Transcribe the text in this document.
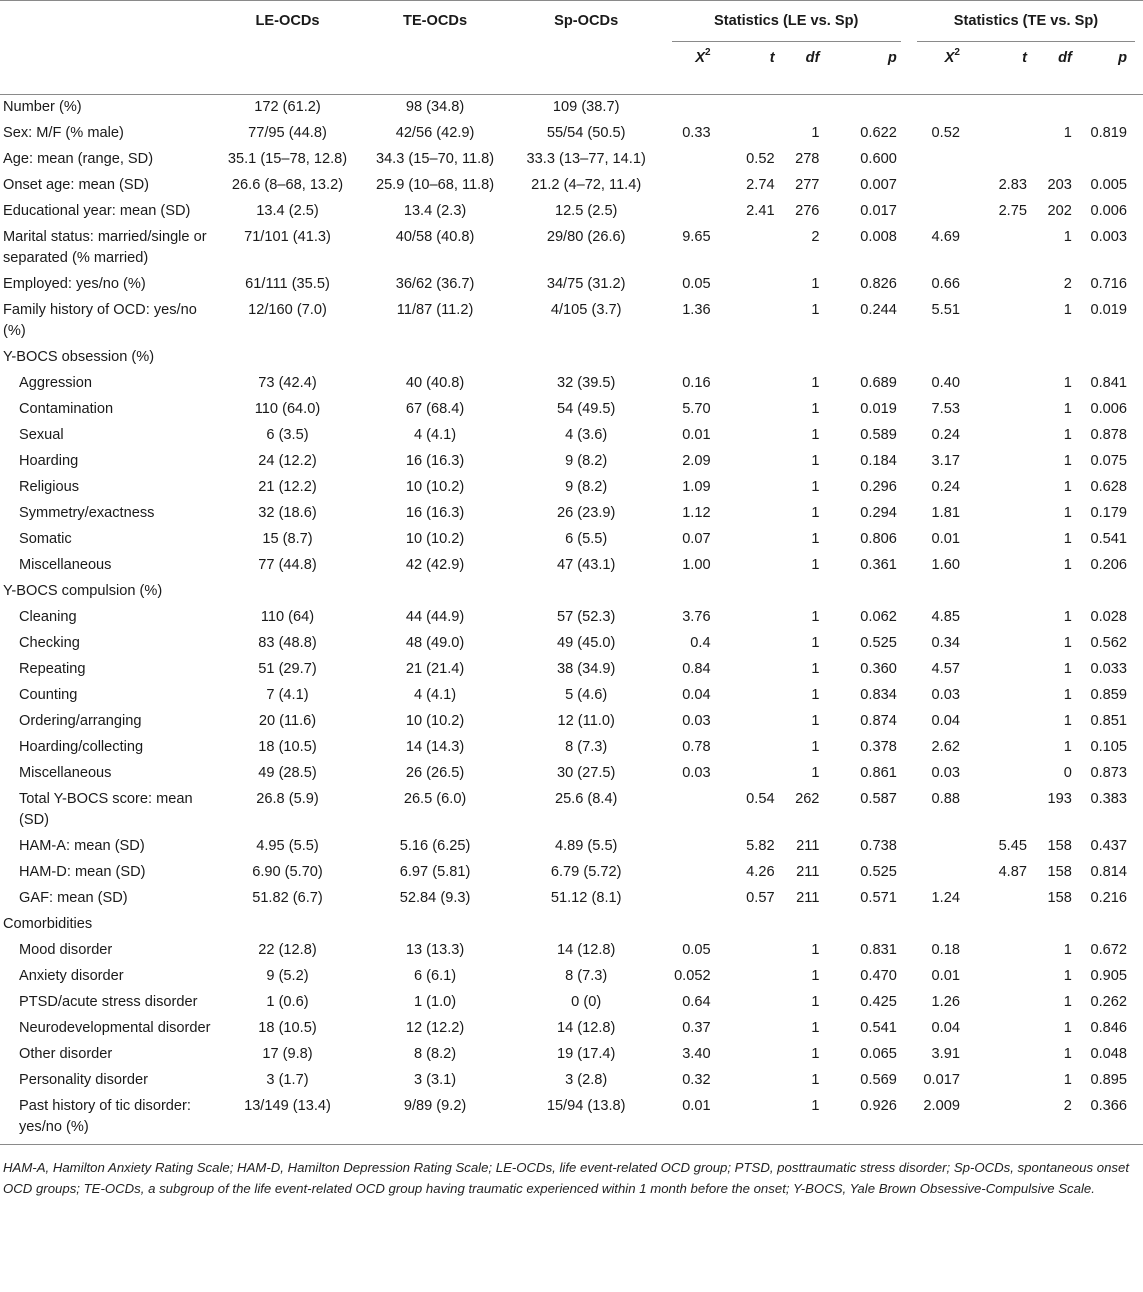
	LE-OCDs	TE-OCDs	Sp-OCDs	Statistics (LE vs. Sp)				Statistics (TE vs. Sp)			
				$X^2$	t	df	p	$X^2$	t	df	p
Number (%)	172 (61.2)	98 (34.8)	109 (38.7)								
Sex: M/F (% male)	77/95 (44.8)	42/56 (42.9)	55/54 (50.5)	0.33		1	0.622	0.52		1	0.819
Age: mean (range, SD)	35.1 (15–78, 12.8)	34.3 (15–70, 11.8)	33.3 (13–77, 14.1)		0.52	278	0.600				
Onset age: mean (SD)	26.6 (8–68, 13.2)	25.9 (10–68, 11.8)	21.2 (4–72, 11.4)		2.74	277	0.007		2.83	203	0.005
Educational year: mean (SD)	13.4 (2.5)	13.4 (2.3)	12.5 (2.5)		2.41	276	0.017		2.75	202	0.006
Marital status: married/single or separated (% married)	71/101 (41.3)	40/58 (40.8)	29/80 (26.6)	9.65		2	0.008	4.69		1	0.003
Employed: yes/no (%)	61/111 (35.5)	36/62 (36.7)	34/75 (31.2)	0.05		1	0.826	0.66		2	0.716
Family history of OCD: yes/no (%)	12/160 (7.0)	11/87 (11.2)	4/105 (3.7)	1.36		1	0.244	5.51		1	0.019
Y-BOCS obsession (%)											
Aggression	73 (42.4)	40 (40.8)	32 (39.5)	0.16		1	0.689	0.40		1	0.841
Contamination	110 (64.0)	67 (68.4)	54 (49.5)	5.70		1	0.019	7.53		1	0.006
Sexual	6 (3.5)	4 (4.1)	4 (3.6)	0.01		1	0.589	0.24		1	0.878
Hoarding	24 (12.2)	16 (16.3)	9 (8.2)	2.09		1	0.184	3.17		1	0.075
Religious	21 (12.2)	10 (10.2)	9 (8.2)	1.09		1	0.296	0.24		1	0.628
Symmetry/exactness	32 (18.6)	16 (16.3)	26 (23.9)	1.12		1	0.294	1.81		1	0.179
Somatic	15 (8.7)	10 (10.2)	6 (5.5)	0.07		1	0.806	0.01		1	0.541
Miscellaneous	77 (44.8)	42 (42.9)	47 (43.1)	1.00		1	0.361	1.60		1	0.206
Y-BOCS compulsion (%)											
Cleaning	110 (64)	44 (44.9)	57 (52.3)	3.76		1	0.062	4.85		1	0.028
Checking	83 (48.8)	48 (49.0)	49 (45.0)	0.4		1	0.525	0.34		1	0.562
Repeating	51 (29.7)	21 (21.4)	38 (34.9)	0.84		1	0.360	4.57		1	0.033
Counting	7 (4.1)	4 (4.1)	5 (4.6)	0.04		1	0.834	0.03		1	0.859
Ordering/arranging	20 (11.6)	10 (10.2)	12 (11.0)	0.03		1	0.874	0.04		1	0.851
Hoarding/collecting	18 (10.5)	14 (14.3)	8 (7.3)	0.78		1	0.378	2.62		1	0.105
Miscellaneous	49 (28.5)	26 (26.5)	30 (27.5)	0.03		1	0.861	0.03		0	0.873
Total Y-BOCS score: mean (SD)	26.8 (5.9)	26.5 (6.0)	25.6 (8.4)		0.54	262	0.587	0.88		193	0.383
HAM-A: mean (SD)	4.95 (5.5)	5.16 (6.25)	4.89 (5.5)		5.82	211	0.738		5.45	158	0.437
HAM-D: mean (SD)	6.90 (5.70)	6.97 (5.81)	6.79 (5.72)		4.26	211	0.525		4.87	158	0.814
GAF: mean (SD)	51.82 (6.7)	52.84 (9.3)	51.12 (8.1)		0.57	211	0.571	1.24		158	0.216
Comorbidities											
Mood disorder	22 (12.8)	13 (13.3)	14 (12.8)	0.05		1	0.831	0.18		1	0.672
Anxiety disorder	9 (5.2)	6 (6.1)	8 (7.3)	0.052		1	0.470	0.01		1	0.905
PTSD/acute stress disorder	1 (0.6)	1 (1.0)	0 (0)	0.64		1	0.425	1.26		1	0.262
Neurodevelopmental disorder	18 (10.5)	12 (12.2)	14 (12.8)	0.37		1	0.541	0.04		1	0.846
Other disorder	17 (9.8)	8 (8.2)	19 (17.4)	3.40		1	0.065	3.91		1	0.048
Personality disorder	3 (1.7)	3 (3.1)	3 (2.8)	0.32		1	0.569	0.017		1	0.895
Past history of tic disorder: yes/no (%)	13/149 (13.4)	9/89 (9.2)	15/94 (13.8)	0.01		1	0.926	2.009		2	0.366
HAM-A, Hamilton Anxiety Rating Scale; HAM-D, Hamilton Depression Rating Scale; LE-OCDs, life event-related OCD group; PTSD, posttraumatic stress disorder; Sp-OCDs, spontaneous onset OCD groups; TE-OCDs, a subgroup of the life event-related OCD group having traumatic experienced within 1 month before the onset; Y-BOCS, Yale Brown Obsessive-Compulsive Scale.
